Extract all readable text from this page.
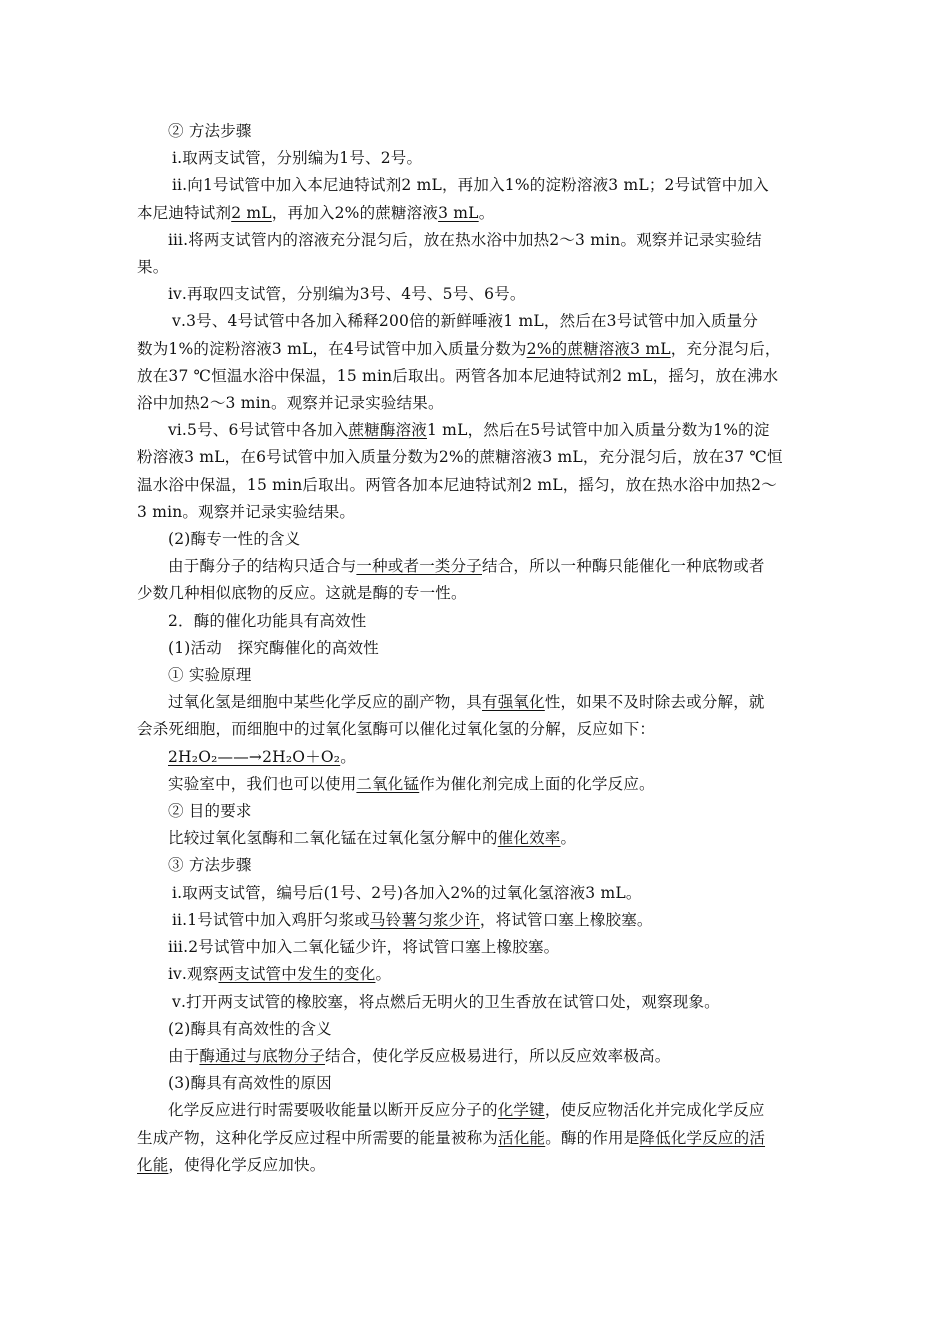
② 方法步骤
ⅰ.取两支试管，分别编为1号、2号。
ⅱ.向1号试管中加入本尼迪特试剂2 mL，再加入1%的淀粉溶液3 mL；2号试管中加入
本尼迪特试剂2 mL，再加入2%的蔗糖溶液3 mL。
ⅲ.将两支试管内的溶液充分混匀后，放在热水浴中加热2～3 min。观察并记录实验结
果。
ⅳ.再取四支试管，分别编为3号、4号、5号、6号。
ⅴ.3号、4号试管中各加入稀释200倍的新鲜唾液1 mL，然后在3号试管中加入质量分
数为1%的淀粉溶液3 mL，在4号试管中加入质量分数为2%的蔗糖溶液3 mL，充分混匀后，
放在37 ℃恒温水浴中保温，15 min后取出。两管各加本尼迪特试剂2 mL，摇匀，放在沸水
浴中加热2～3 min。观察并记录实验结果。
ⅵ.5号、6号试管中各加入蔗糖酶溶液1 mL，然后在5号试管中加入质量分数为1%的淀
粉溶液3 mL，在6号试管中加入质量分数为2%的蔗糖溶液3 mL，充分混匀后，放在37 ℃恒
温水浴中保温，15 min后取出。两管各加本尼迪特试剂2 mL，摇匀，放在热水浴中加热2～
3 min。观察并记录实验结果。
(2)酶专一性的含义
由于酶分子的结构只适合与一种或者一类分子结合，所以一种酶只能催化一种底物或者
少数几种相似底物的反应。这就是酶的专一性。
2．酶的催化功能具有高效性
(1)活动　探究酶催化的高效性
① 实验原理
过氧化氢是细胞中某些化学反应的副产物，具有强氧化性，如果不及时除去或分解，就
会杀死细胞，而细胞中的过氧化氢酶可以催化过氧化氢的分解，反应如下：
2H₂O₂——→2H₂O＋O₂。
实验室中，我们也可以使用二氧化锰作为催化剂完成上面的化学反应。
② 目的要求
比较过氧化氢酶和二氧化锰在过氧化氢分解中的催化效率。
③ 方法步骤
ⅰ.取两支试管，编号后(1号、2号)各加入2%的过氧化氢溶液3 mL。
ⅱ.1号试管中加入鸡肝匀浆或马铃薯匀浆少许，将试管口塞上橡胶塞。
ⅲ.2号试管中加入二氧化锰少许，将试管口塞上橡胶塞。
ⅳ.观察两支试管中发生的变化。
ⅴ.打开两支试管的橡胶塞，将点燃后无明火的卫生香放在试管口处，观察现象。
(2)酶具有高效性的含义
由于酶通过与底物分子结合，使化学反应极易进行，所以反应效率极高。
(3)酶具有高效性的原因
化学反应进行时需要吸收能量以断开反应分子的化学键，使反应物活化并完成化学反应
生成产物，这种化学反应过程中所需要的能量被称为活化能。酶的作用是降低化学反应的活
化能，使得化学反应加快。
